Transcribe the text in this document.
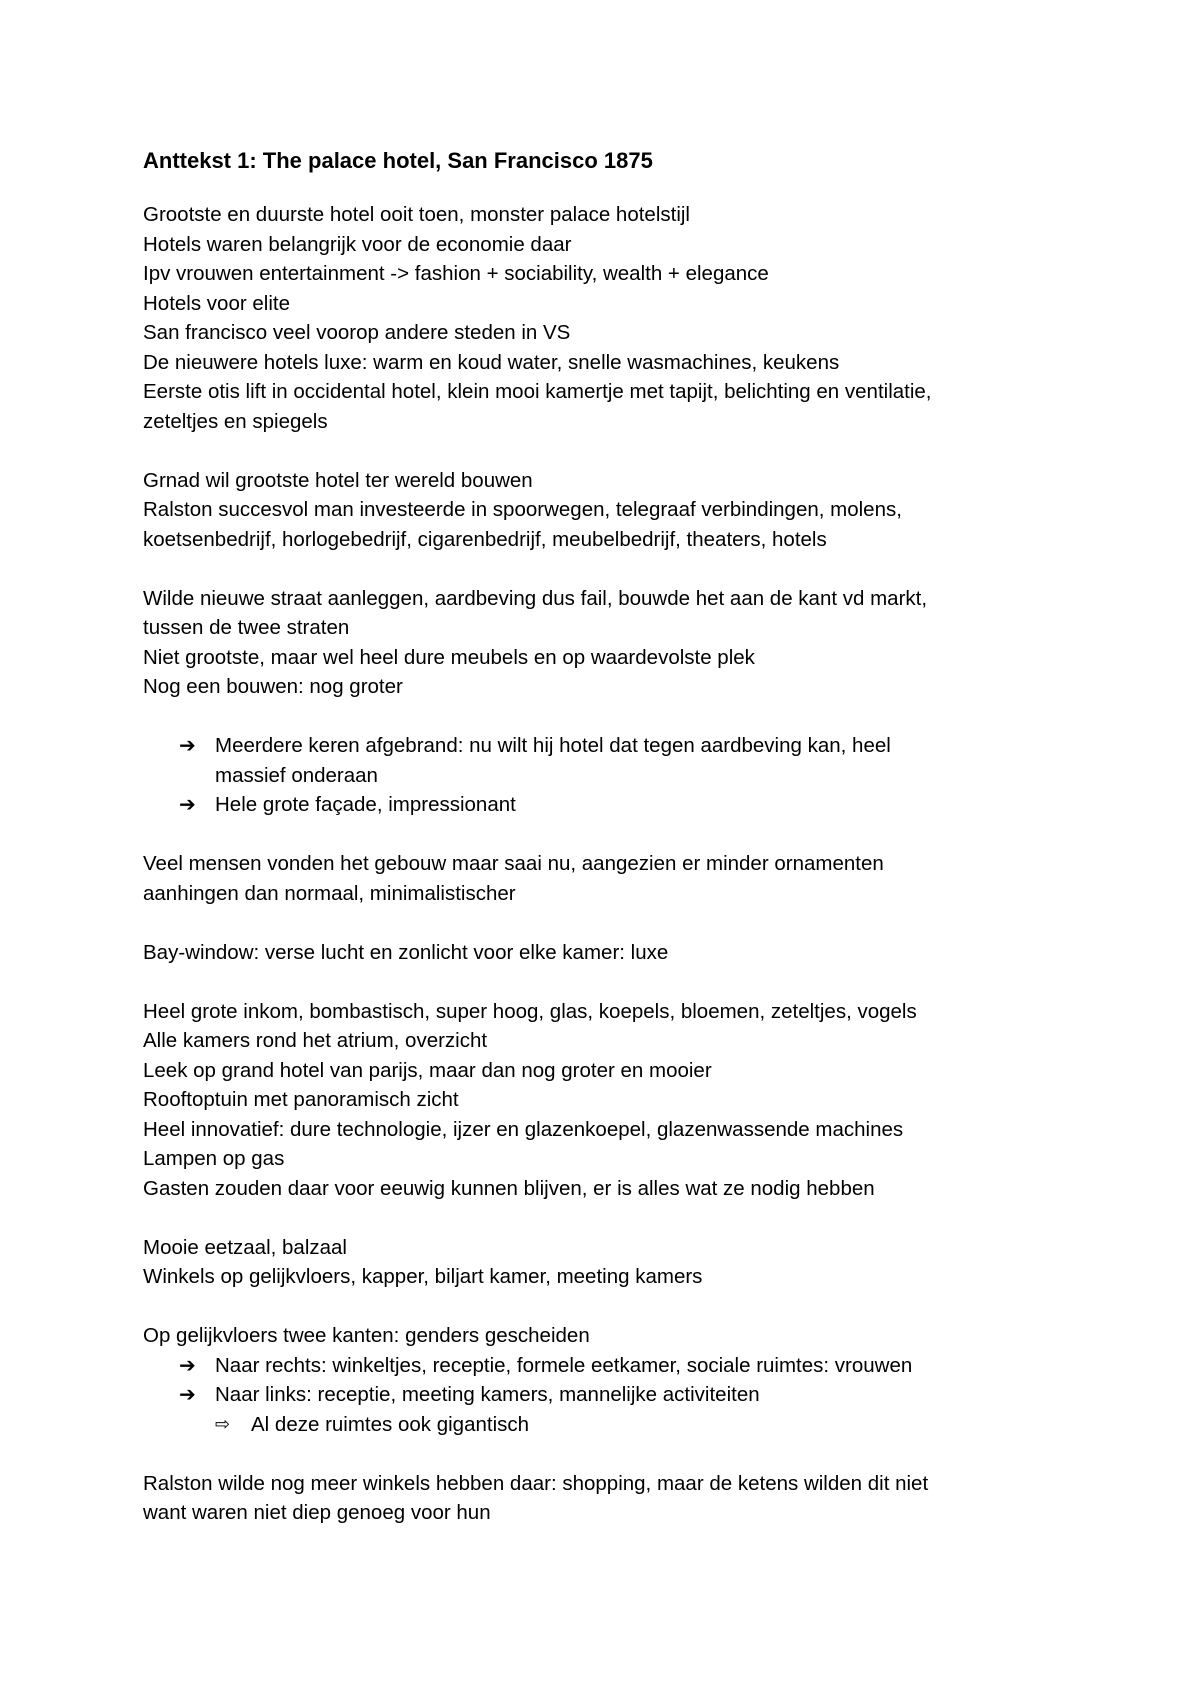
Anttekst 1: The palace hotel, San Francisco 1875
Grootste en duurste hotel ooit toen, monster palace hotelstijl
Hotels waren belangrijk voor de economie daar
Ipv vrouwen entertainment -> fashion + sociability, wealth + elegance
Hotels voor elite
San francisco veel voorop andere steden in VS
De nieuwere hotels luxe: warm en koud water, snelle wasmachines, keukens
Eerste otis lift in occidental hotel, klein mooi kamertje met tapijt, belichting en ventilatie,
zeteltjes en spiegels
Grnad wil grootste hotel ter wereld bouwen
Ralston succesvol man investeerde in spoorwegen, telegraaf verbindingen, molens,
koetsenbedrijf, horlogebedrijf, cigarenbedrijf, meubelbedrijf, theaters, hotels
Wilde nieuwe straat aanleggen, aardbeving dus fail, bouwde het aan de kant vd markt,
tussen de twee straten
Niet grootste, maar wel heel dure meubels en op waardevolste plek
Nog een bouwen: nog groter
➔ Meerdere keren afgebrand: nu wilt hij hotel dat tegen aardbeving kan, heel
massief onderaan
➔ Hele grote façade, impressionant
Veel mensen vonden het gebouw maar saai nu, aangezien er minder ornamenten
aanhingen dan normaal, minimalistischer
Bay-window: verse lucht en zonlicht voor elke kamer: luxe
Heel grote inkom, bombastisch, super hoog, glas, koepels, bloemen, zeteltjes, vogels
Alle kamers rond het atrium, overzicht
Leek op grand hotel van parijs, maar dan nog groter en mooier
Rooftoptuin met panoramisch zicht
Heel innovatief: dure technologie, ijzer en glazenkoepel, glazenwassende machines
Lampen op gas
Gasten zouden daar voor eeuwig kunnen blijven, er is alles wat ze nodig hebben
Mooie eetzaal, balzaal
Winkels op gelijkvloers, kapper, biljart kamer, meeting kamers
Op gelijkvloers twee kanten: genders gescheiden
➔ Naar rechts: winkeltjes, receptie, formele eetkamer, sociale ruimtes: vrouwen
➔ Naar links: receptie, meeting kamers, mannelijke activiteiten
⇨ Al deze ruimtes ook gigantisch
Ralston wilde nog meer winkels hebben daar: shopping, maar de ketens wilden dit niet
want waren niet diep genoeg voor hun
